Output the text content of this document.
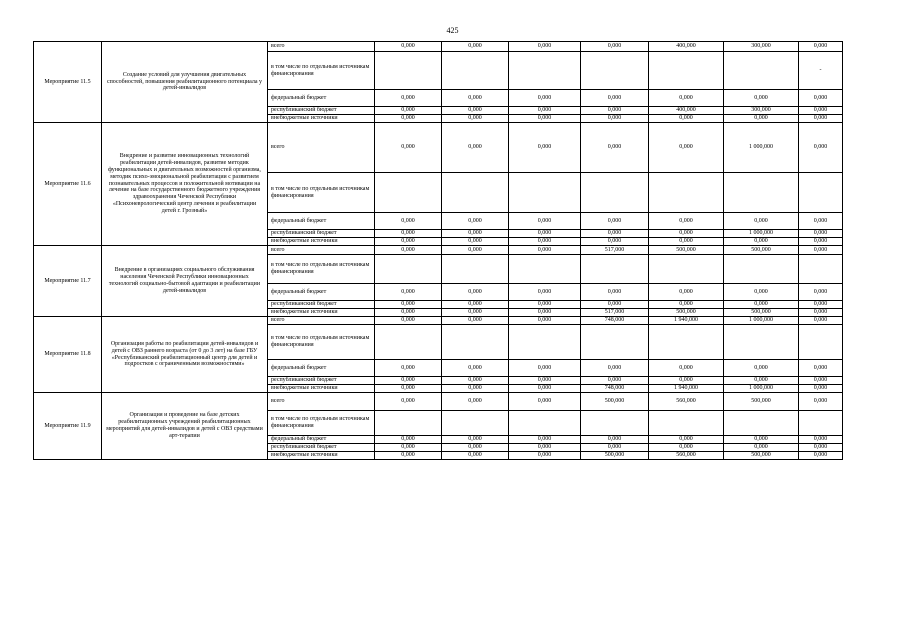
425
Мероприятие 11.5	Создание условий для улучшения двигательных способностей, повышения реабилитационного потенциала у детей-инвалидов	всего	0,000	0,000	0,000	0,000	400,000	300,000	0,000
		в том числе по отдельным источникам финансирования							-
		федеральный бюджет	0,000	0,000	0,000	0,000	0,000	0,000	0,000
		республиканский бюджет	0,000	0,000	0,000	0,000	400,000	300,000	0,000
		внебюджетные источники	0,000	0,000	0,000	0,000	0,000	0,000	0,000
Мероприятие 11.6	Внедрение и развитие инновационных технологий реабилитации детей-инвалидов, развитие методик функциональных и двигательных возможностей организма, методик психо-эмоциональной реабилитации с развитием познавательных процессов и положительной мотивации на лечение на базе государственного бюджетного учреждения здравоохранения Чеченской Республики «Психоневрологический центр лечения и реабилитации детей г. Грозный»	всего	0,000	0,000	0,000	0,000	0,000	1 000,000	0,000
		в том числе по отдельным источникам финансирования							
		федеральный бюджет	0,000	0,000	0,000	0,000	0,000	0,000	0,000
		республиканский бюджет	0,000	0,000	0,000	0,000	0,000	1 000,000	0,000
		внебюджетные источники	0,000	0,000	0,000	0,000	0,000	0,000	0,000
Мероприятие 11.7	Внедрение в организациях социального обслуживания населения Чеченской Республики инновационных технологий социально-бытовой адаптации и реабилитации детей-инвалидов	всего	0,000	0,000	0,000	517,000	500,000	500,000	0,000
		в том числе по отдельным источникам финансирования							
		федеральный бюджет	0,000	0,000	0,000	0,000	0,000	0,000	0,000
		республиканский бюджет	0,000	0,000	0,000	0,000	0,000	0,000	0,000
		внебюджетные источники	0,000	0,000	0,000	517,000	500,000	500,000	0,000
Мероприятие 11.8	Организация работы по реабилитации детей-инвалидов и детей с ОВЗ раннего возраста (от 0 до 3 лет) на базе ГБУ «Республиканский реабилитационный центр для детей и подростков с ограниченными возможностями»	всего	0,000	0,000	0,000	748,000	1 940,000	1 000,000	0,000
		в том числе по отдельным источникам финансирования							
		федеральный бюджет	0,000	0,000	0,000	0,000	0,000	0,000	0,000
		республиканский бюджет	0,000	0,000	0,000	0,000	0,000	0,000	0,000
		внебюджетные источники	0,000	0,000	0,000	748,000	1 940,000	1 000,000	0,000
Мероприятие 11.9	Организация и проведение на базе детских реабилитационных учреждений реабилитационных мероприятий для детей-инвалидов и детей с ОВЗ средствами арт-терапии	всего	0,000	0,000	0,000	500,000	560,000	500,000	0,000
		в том числе по отдельным источникам финансирования							
		федеральный бюджет	0,000	0,000	0,000	0,000	0,000	0,000	0,000
		республиканский бюджет	0,000	0,000	0,000	0,000	0,000	0,000	0,000
		внебюджетные источники	0,000	0,000	0,000	500,000	560,000	500,000	0,000
